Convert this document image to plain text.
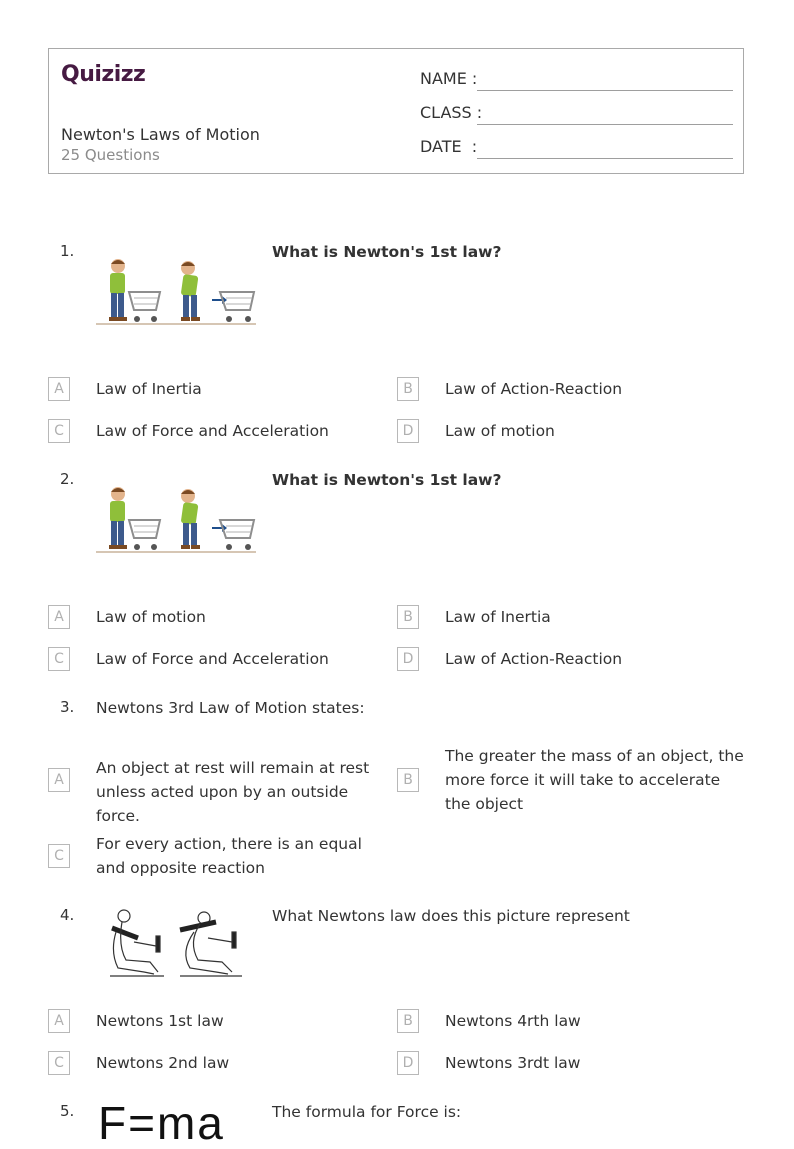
Quizizz
Newton's Laws of Motion
25 Questions
NAME :
CLASS :
DATE  :
1.	What is Newton's 1st law?
A	Law of Inertia	B	Law of Action-Reaction
C	Law of Force and Acceleration	D	Law of motion
2.	What is Newton's 1st law?
A	Law of motion	B	Law of Inertia
C	Law of Force and Acceleration	D	Law of Action-Reaction
3. Newtons 3rd Law of Motion states:
A
An object at rest will remain at rest unless acted upon by an outside force.
B
The greater the mass of an object, the more force it will take to accelerate the object
C
For every action, there is an equal and opposite reaction
4.	What Newtons law does this picture represent
A	Newtons 1st law	B	Newtons 4rth law
C	Newtons 2nd law	D	Newtons 3rdt law
5. F=ma	The formula for Force is:
